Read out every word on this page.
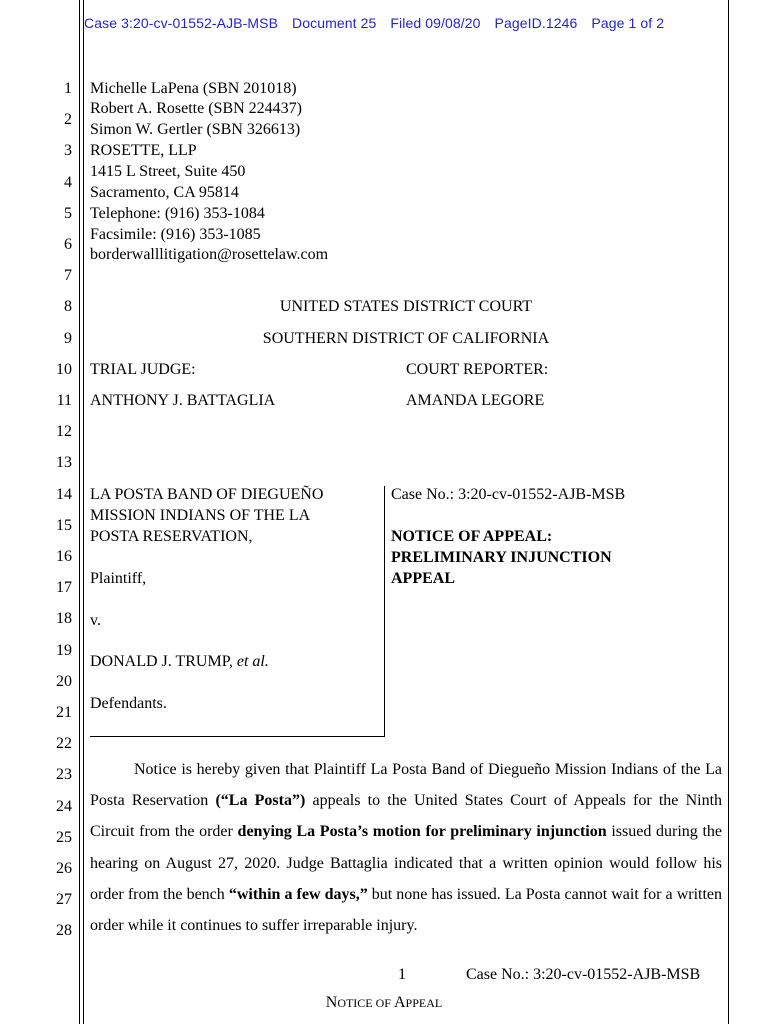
Case 3:20-cv-01552-AJB-MSB Document 25 Filed 09/08/20 PageID.1246 Page 1 of 2
1
2
3
4
5
6
7
8
9
10
11
12
13
14
15
16
17
18
19
20
21
22
23
24
25
26
27
28
Michelle LaPena (SBN 201018)
Robert A. Rosette (SBN 224437)
Simon W. Gertler (SBN 326613)
ROSETTE, LLP
1415 L Street, Suite 450
Sacramento, CA 95814
Telephone: (916) 353-1084
Facsimile: (916) 353-1085
borderwalllitigation@rosettelaw.com
UNITED STATES DISTRICT COURT
SOUTHERN DISTRICT OF CALIFORNIA
TRIAL JUDGE:	COURT REPORTER:
ANTHONY J. BATTAGLIA	AMANDA LEGORE
LA POSTA BAND OF DIEGUEÑO
MISSION INDIANS OF THE LA
POSTA RESERVATION,
Plaintiff,
v.
DONALD J. TRUMP, et al.
Defendants.
Case No.: 3:20-cv-01552-AJB-MSB
NOTICE OF APPEAL:
PRELIMINARY INJUNCTION
APPEAL
Notice is hereby given that Plaintiff La Posta Band of Diegueño Mission Indians of the La Posta Reservation (“La Posta”) appeals to the United States Court of Appeals for the Ninth Circuit from the order denying La Posta’s motion for preliminary injunction issued during the hearing on August 27, 2020. Judge Battaglia indicated that a written opinion would follow his order from the bench “within a few days,” but none has issued. La Posta cannot wait for a written order while it continues to suffer irreparable injury.
1	Case No.: 3:20-cv-01552-AJB-MSB
NOTICE OF APPEAL
